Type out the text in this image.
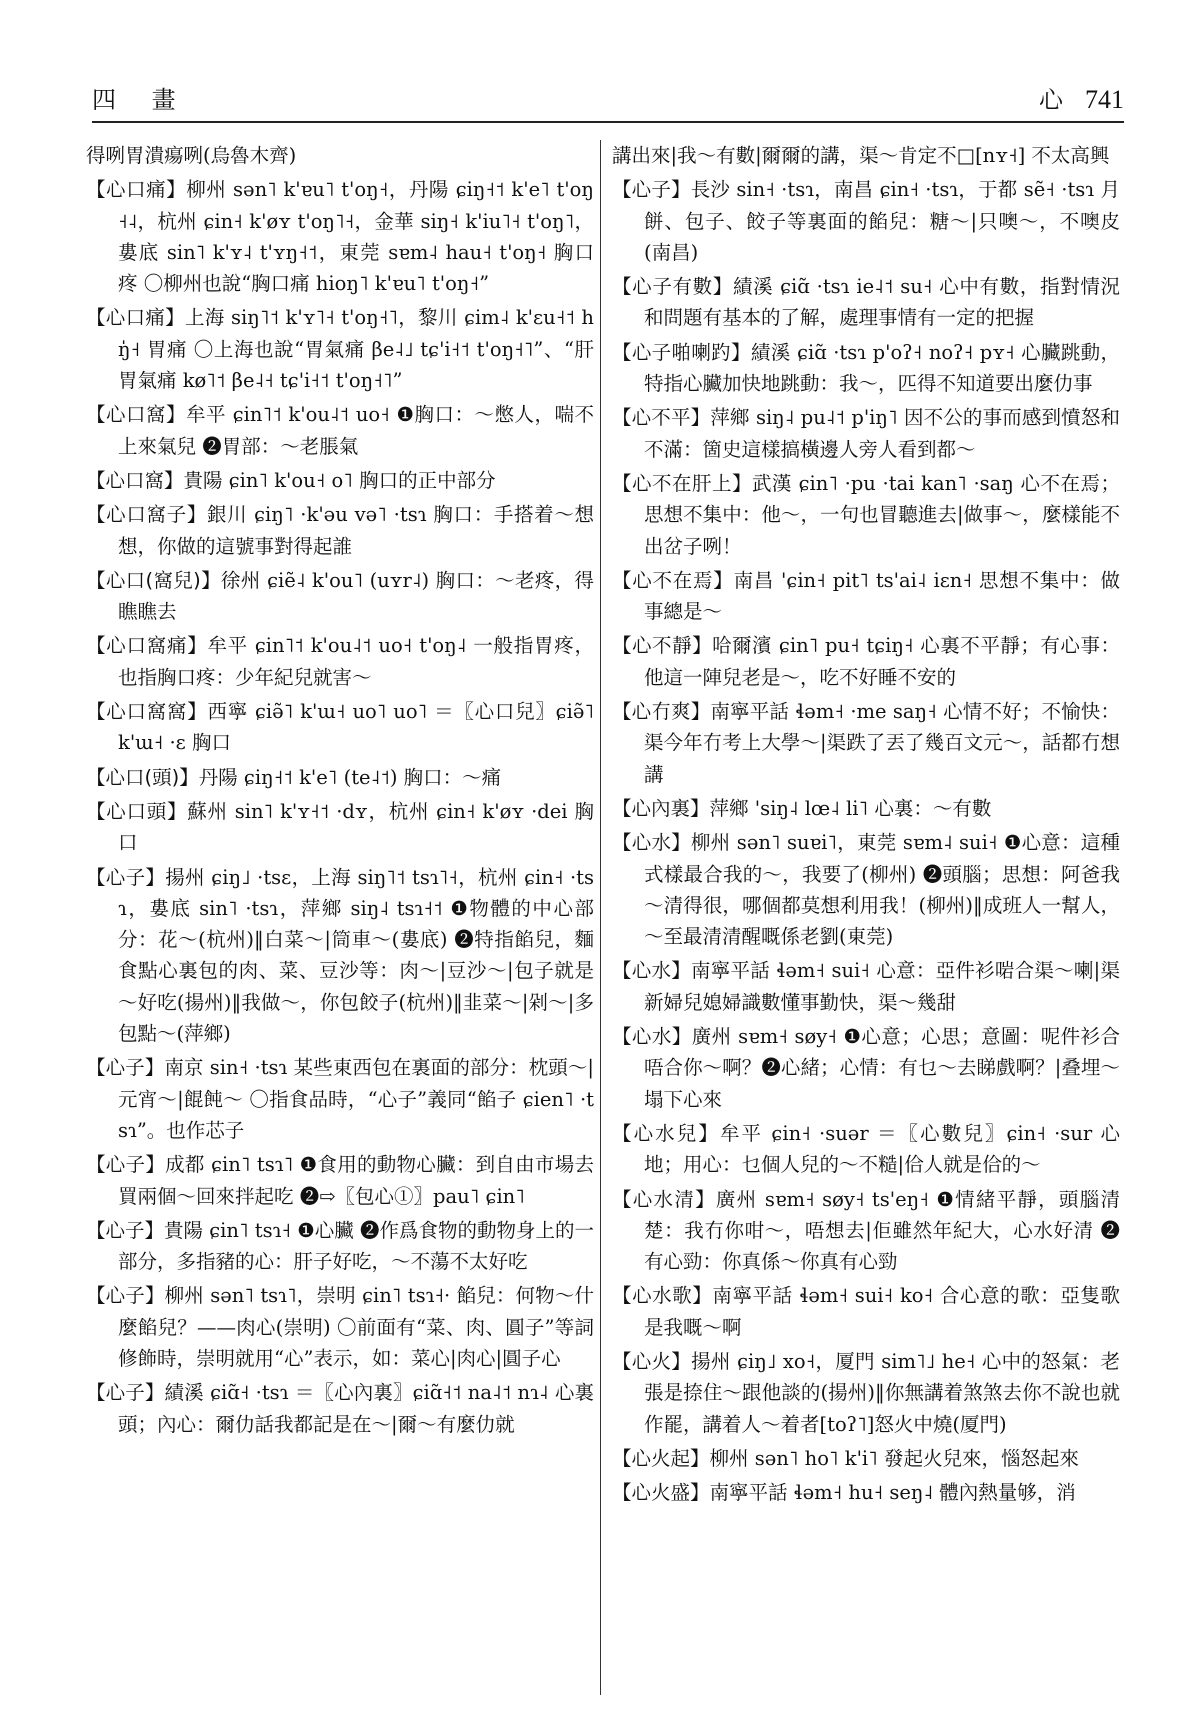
四 畫	心 741

得咧胃潰瘍咧(烏魯木齊)

【心口痛】柳州 sən˥ k'ɐu˥ t'oŋ˧，丹陽 ɕiŋ˧˦ k'e˥ t'oŋ˧˨，杭州 ɕin˧ k'øʏ t'oŋ˥˧，金華 siŋ˧ k'iu˥˧ t'oŋ˥，婁底 sin˥ k'ʏ˨ t'ʏŋ˧˦，東莞 sɐm˨ hau˧ t'oŋ˧ 胸口疼 〇柳州也說“胸口痛 hioŋ˥ k'ɐu˥ t'oŋ˧”

【心口痛】上海 siŋ˥˦ k'ʏ˥˧ t'oŋ˧˥，黎川 ɕim˨ k'ɛu˧˦ hŋ̍˧ 胃痛 〇上海也說“胃氣痛 βe˨˩ tɕ'i˧˦ t'oŋ˧˥”、“肝胃氣痛 kø˥˦ βe˨˧ tɕ'i˧˦ t'oŋ˧˥”

【心口窩】牟平 ɕin˥˦ k'ou˨˦ uo˧ ❶胸口：～憋人，喘不上來氣兒 ❷胃部：～老脹氣

【心口窩】貴陽 ɕin˥ k'ou˧ o˥ 胸口的正中部分

【心口窩子】銀川 ɕiŋ˥ ·k'əu və˥ ·tsɿ 胸口：手搭着～想想，你做的這號事對得起誰

【心口(窩兒)】徐州 ɕiẽ˨ k'ou˥ (uʏr˨) 胸口：～老疼，得瞧瞧去

【心口窩痛】牟平 ɕin˥˦ k'ou˨˦ uo˧ t'oŋ˨ 一般指胃疼，也指胸口疼：少年紀兒就害～

【心口窩窩】西寧 ɕiə̃˥ k'ɯ˧ uo˥ uo˥ ＝〖心口兒〗ɕiə̃˥ k'ɯ˧ ·ɛ 胸口

【心口(頭)】丹陽 ɕiŋ˧˦ k'e˥ (te˨˦) 胸口：～痛

【心口頭】蘇州 sin˥ k'ʏ˧˦ ·dʏ，杭州 ɕin˧ k'øʏ ·dei 胸口

【心子】揚州 ɕiŋ˩ ·tsɛ，上海 siŋ˥˦ tsɿ˥˧，杭州 ɕin˧ ·tsɿ，婁底 sin˥ ·tsɿ，萍鄉 siŋ˨ tsɿ˧˦ ❶物體的中心部分：花～(杭州)‖白菜～|筒車～(婁底) ❷特指餡兒，麵食點心裏包的肉、菜、豆沙等：肉～|豆沙～|包子就是～好吃(揚州)‖我做～，你包餃子(杭州)‖韭菜～|剁～|多包點～(萍鄉)

【心子】南京 sin˧ ·tsɿ 某些東西包在裏面的部分：枕頭～|元宵～|餛飩～ 〇指食品時，“心子”義同“餡子 ɕien˥ ·tsɿ”。也作芯子

【心子】成都 ɕin˥ tsɿ˥ ❶食用的動物心臟：到自由市場去買兩個～回來拌起吃 ❷⇨〖包心①〗pau˥ ɕin˥

【心子】貴陽 ɕin˥ tsɿ˧ ❶心臟 ❷作爲食物的動物身上的一部分，多指豬的心：肝子好吃，～不蕩不太好吃

【心子】柳州 sən˥ tsɿ˥，崇明 ɕin˥ tsɿ˧· 餡兒：何物～什麼餡兒？——肉心(崇明) 〇前面有“菜、肉、圓子”等詞修飾時，崇明就用“心”表示，如：菜心|肉心|圓子心

【心子】績溪 ɕiɑ̃˧ ·tsɿ ＝〖心內裏〗ɕiɑ̃˧˦ na˨˦ nɿ˨ 心裏頭；內心：爾仂話我都記是在～|爾～有麼仂就

講出來|我～有數|爾爾的講，渠～肯定不□[nʏ˧] 不太高興

【心子】長沙 sin˧ ·tsɿ，南昌 ɕin˧ ·tsɿ，于都 sẽ˧ ·tsɿ 月餅、包子、餃子等裏面的餡兒：糖～|只噢～，不噢皮(南昌)

【心子有數】績溪 ɕiɑ̃ ·tsɿ ie˨˦ su˧ 心中有數，指對情況和問題有基本的了解，處理事情有一定的把握

【心子啪喇趵】績溪 ɕiɑ̃ ·tsɿ p'oʔ˧ noʔ˧ pʏ˧ 心臟跳動，特指心臟加快地跳動：我～，匹得不知道要出麼仂事

【心不平】萍鄉 siŋ˨ pu˨˦ p'iŋ˥ 因不公的事而感到憤怒和不滿：箇史這樣搞橫邊人旁人看到都～

【心不在肝上】武漢 ɕin˥ ·pu ·tai kan˥ ·saŋ 心不在焉；思想不集中：他～，一句也冒聽進去|做事～，麼樣能不出岔子咧！

【心不在焉】南昌 'ɕin˧ pit˥ ts'ai˨ iɛn˧ 思想不集中：做事總是～

【心不靜】哈爾濱 ɕin˥ pu˧ tɕiŋ˧ 心裏不平靜；有心事：他這一陣兒老是～，吃不好睡不安的

【心冇爽】南寧平話 ɬəm˧ ·me saŋ˧ 心情不好；不愉快：渠今年冇考上大學～|渠跌了丟了幾百文元～，話都冇想講

【心內裏】萍鄉 'siŋ˨ lœ˨ li˥ 心裏：～有數

【心水】柳州 sən˥ suɐi˥，東莞 sɐm˨ sui˧ ❶心意：這種式樣最合我的～，我要了(柳州) ❷頭腦；思想：阿爸我～清得很，哪個都莫想利用我！(柳州)‖成班人一幫人，～至最清清醒嘅係老劉(東莞)

【心水】南寧平話 ɬəm˧ sui˧ 心意：亞件衫啱合渠～喇|渠新婦兒媳婦識數懂事勤快，渠～幾甜

【心水】廣州 sɐm˧ søy˧ ❶心意；心思；意圖：呢件衫合唔合你～啊？❷心緒；心情：有乜～去睇戲啊？|叠埋～塌下心來

【心水兒】牟平 ɕin˧ ·suər ＝〖心數兒〗ɕin˧ ·sur 心地；用心：乜個人兒的～不糙|佮人就是佮的～

【心水清】廣州 sɐm˧ søy˧ ts'eŋ˧ ❶情緒平靜，頭腦清楚：我冇你咁～，唔想去|佢雖然年紀大，心水好清 ❷有心勁：你真係～你真有心勁

【心水歌】南寧平話 ɬəm˧ sui˧ ko˧ 合心意的歌：亞隻歌是我嘅～啊

【心火】揚州 ɕiŋ˩ xo˧，厦門 sim˥˩ he˧ 心中的怒氣：老張是捺住～跟他談的(揚州)‖你無講着煞煞去你不說也就作罷，講着人～着者[toʔ˥]怒火中燒(厦門)

【心火起】柳州 sən˥ ho˥ k'i˥ 發起火兒來，惱怒起來

【心火盛】南寧平話 ɬəm˧ hu˧ seŋ˨ 體內熱量够，消
